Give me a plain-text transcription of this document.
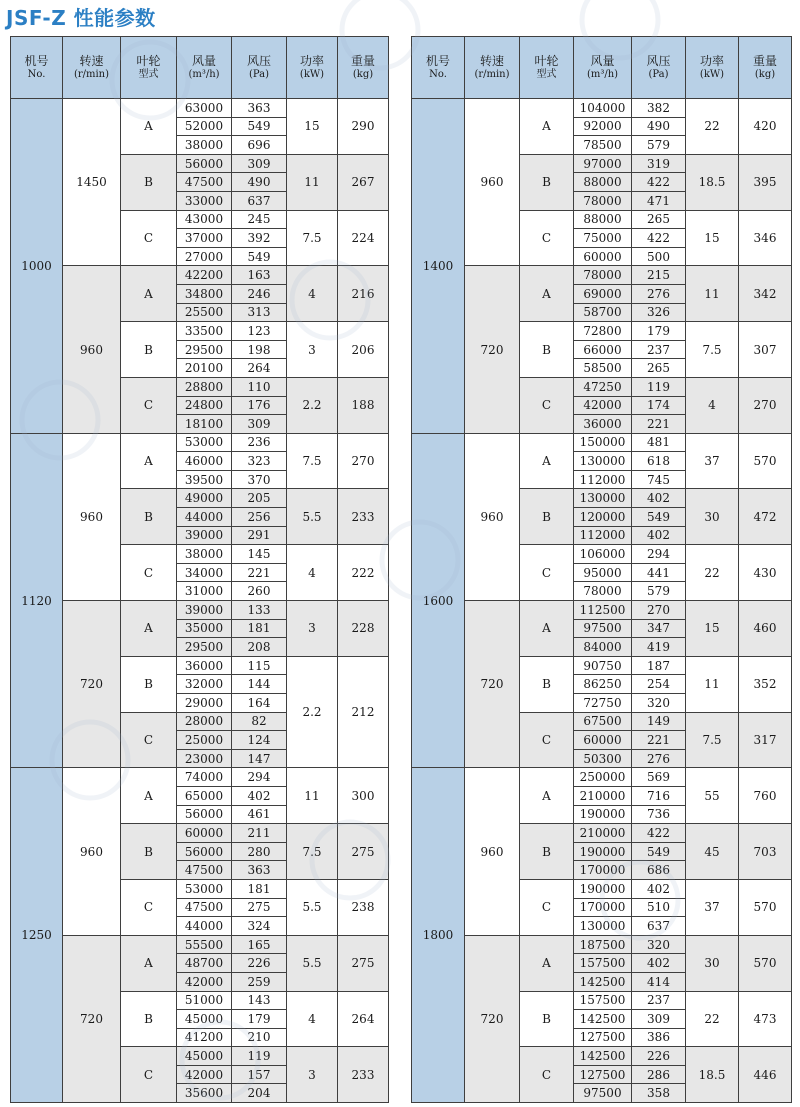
JSF-Z 性能参数
机号
No.	转速
(r/min)	叶轮
型式	风量
(m³/h)	风压
(Pa)	功率
(kW)	重量
(kg)

1000	1450	A	63000	363	15	290
			52000	549		
			38000	696		
		B	56000	309	11	267
			47500	490		
			33000	637		
		C	43000	245	7.5	224
			37000	392		
			27000	549		
	960	A	42200	163	4	216
			34800	246		
			25500	313		
		B	33500	123	3	206
			29500	198		
			20100	264		
		C	28800	110	2.2	188
			24800	176		
			18100	309		
1120	960	A	53000	236	7.5	270
			46000	323		
			39500	370		
		B	49000	205	5.5	233
			44000	256		
			39000	291		
		C	38000	145	4	222
			34000	221		
			31000	260		
	720	A	39000	133	3	228
			35000	181		
			29500	208		
		B	36000	115	2.2	212
			32000	144		
			29000	164		
		C	28000	82		
			25000	124		
			23000	147		
1250	960	A	74000	294	11	300
			65000	402		
			56000	461		
		B	60000	211	7.5	275
			56000	280		
			47500	363		
		C	53000	181	5.5	238
			47500	275		
			44000	324		
	720	A	55500	165	5.5	275
			48700	226		
			42000	259		
		B	51000	143	4	264
			45000	179		
			41200	210		
		C	45000	119	3	233
			42000	157		
			35600	204		
机号
No.	转速
(r/min)	叶轮
型式	风量
(m³/h)	风压
(Pa)	功率
(kW)	重量
(kg)

1400	960	A	104000	382	22	420
			92000	490		
			78500	579		
		B	97000	319	18.5	395
			88000	422		
			78000	471		
		C	88000	265	15	346
			75000	422		
			60000	500		
	720	A	78000	215	11	342
			69000	276		
			58700	326		
		B	72800	179	7.5	307
			66000	237		
			58500	265		
		C	47250	119	4	270
			42000	174		
			36000	221		
1600	960	A	150000	481	37	570
			130000	618		
			112000	745		
		B	130000	402	30	472
			120000	549		
			112000	402		
		C	106000	294	22	430
			95000	441		
			78000	579		
	720	A	112500	270	15	460
			97500	347		
			84000	419		
		B	90750	187	11	352
			86250	254		
			72750	320		
		C	67500	149	7.5	317
			60000	221		
			50300	276		
1800	960	A	250000	569	55	760
			210000	716		
			190000	736		
		B	210000	422	45	703
			190000	549		
			170000	686		
		C	190000	402	37	570
			170000	510		
			130000	637		
	720	A	187500	320	30	570
			157500	402		
			142500	414		
		B	157500	237	22	473
			142500	309		
			127500	386		
		C	142500	226	18.5	446
			127500	286		
			97500	358		
